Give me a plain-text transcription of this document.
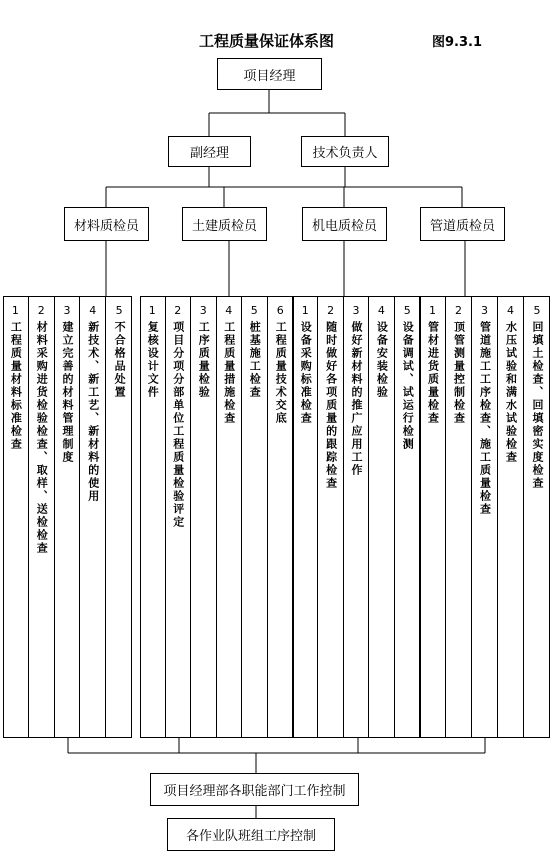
工程质量保证体系图	图9.3.1
项目经理
副经理	技术负责人
材料质检员	土建质检员	机电质检员	管道质检员
1
工程质量材料标准检查
2
材料采购进货检验检查、取样、送检检查
3
建立完善的材料管理制度
4
新技术、新工艺、新材料的使用
5
不合格品处置
1
复核设计文件
2
项目分项分部单位工程质量检验评定
3
工序质量检验
4
工程质量措施检查
5
桩基施工检查
6
工程质量技术交底
1
设备采购标准检查
2
随时做好各项质量的跟踪检查
3
做好新材料的推广应用工作
4
设备安装检验
5
设备调试、试运行检测
1
管材进货质量检查
2
顶管测量控制检查
3
管道施工工序检查、施工质量检查
4
水压试验和满水试验检查
5
回填土检查、回填密实度检查
项目经理部各职能部门工作控制
各作业队班组工序控制
